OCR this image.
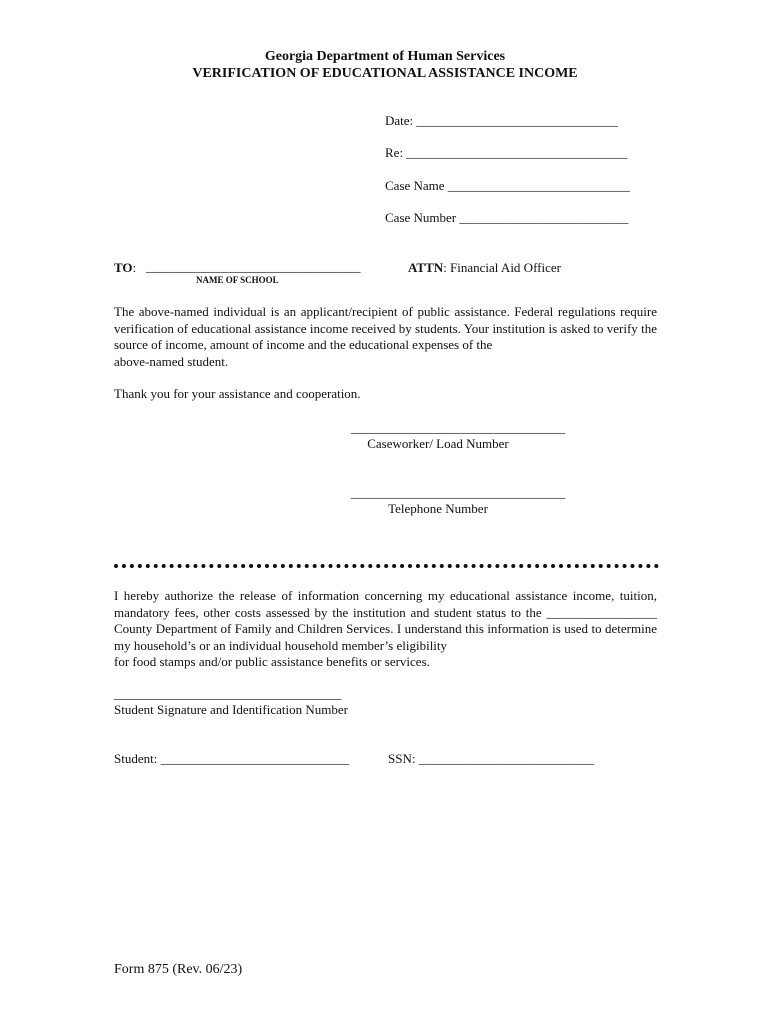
Georgia Department of Human Services
VERIFICATION OF EDUCATIONAL ASSISTANCE INCOME
Date: _______________________________
Re: __________________________________
Case Name ____________________________
Case Number __________________________
TO: _________________________________
NAME OF SCHOOL
ATTN: Financial Aid Officer
The above-named individual is an applicant/recipient of public assistance. Federal regulations require verification of educational assistance income received by students. Your institution is asked to verify the source of income, amount of income and the educational expenses of the
above-named student.
Thank you for your assistance and cooperation.
_________________________________
Caseworker/ Load Number
_________________________________
Telephone Number
I hereby authorize the release of information concerning my educational assistance income, tuition, mandatory fees, other costs assessed by the institution and student status to the _________________ County Department of Family and Children Services. I understand this information is used to determine my household’s or an individual household member’s eligibility
for food stamps and/or public assistance benefits or services.
___________________________________
Student Signature and Identification Number
Student: _____________________________	SSN: ___________________________
Form 875 (Rev. 06/23)
